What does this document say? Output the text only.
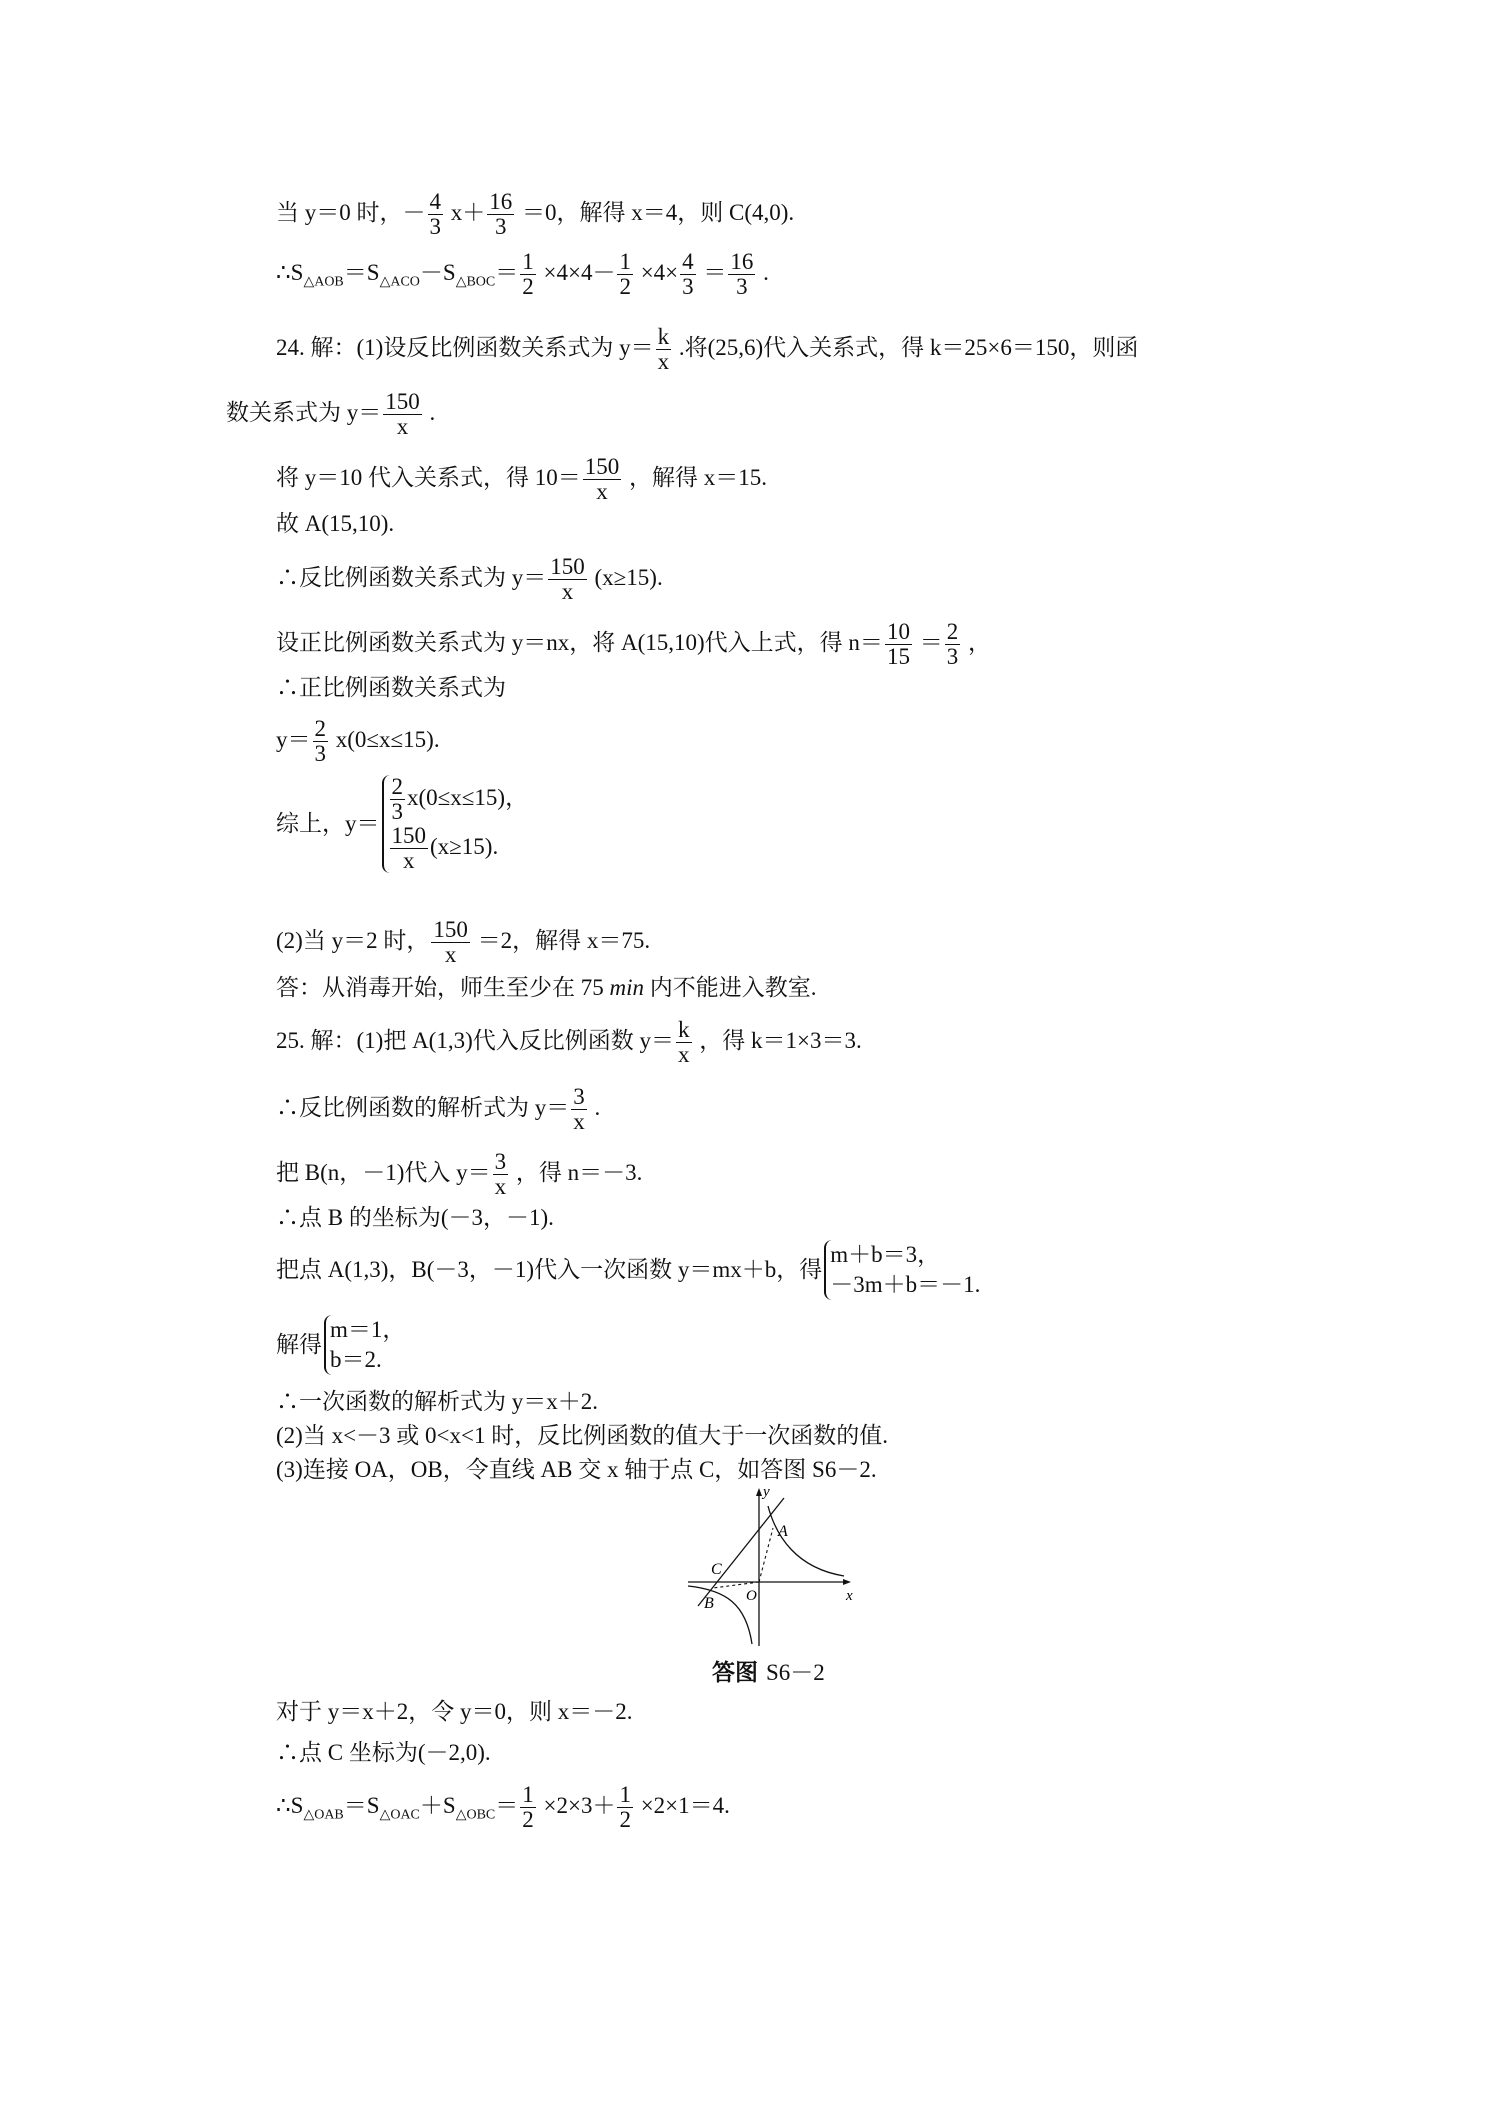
当 y＝0 时，－ $\frac{4}{3} x+ \frac{16}{3} =0$，解得 x＝4，则 C(4,0).
$\therefore S_{\triangle AOB}=S_{\triangle ACO}-S_{\triangle BOC}= \frac{1}{2} \times 4\times 4- \frac{1}{2} \times 4\times \frac{4}{3} = \frac{16}{3}$ .
24. 解：(1)设反比例函数关系式为 $y= \frac{k}{x}$ .将(25,6)代入关系式，得 k＝25×6＝150，则函
数关系式为 $y= \frac{150}{x}$ .
将 y＝10 代入关系式，得 $10= \frac{150}{x}$ ，解得 x＝15.
故 A(15,10).
∴反比例函数关系式为 $y= \frac{150}{x} (x\ge 15)$.
设正比例函数关系式为 y＝nx，将 A(15,10)代入上式，得 $n= \frac{10}{15} = \frac{2}{3}$ ，
∴正比例函数关系式为
$y= \frac{2}{3} x(0\le x\le 15)$.
综上，$y= \frac{2}{3} x(0\le x\le 15)$，
$\frac{150}{x} (x\ge 15)$.
(2)当 y＝2 时， $\frac{150}{x} =2$，解得 x＝75.
答：从消毒开始，师生至少在 75 min 内不能进入教室.
25. 解：(1)把 A(1,3)代入反比例函数 $y= \frac{k}{x}$ ，得 k＝1×3＝3.
∴反比例函数的解析式为 $y= \frac{3}{x}$ .
把 B(n，－1)代入 $y= \frac{3}{x}$ ，得 n＝－3.
∴点 B 的坐标为(－3，－1).
把点 A(1,3)，B(－3，－1)代入一次函数 y＝mx＋b，得
m＋b＝3，
－3m＋b＝－1.
解得
m＝1，
b＝2.
∴一次函数的解析式为 y＝x＋2.
(2)当 x<－3 或 0<x<1 时，反比例函数的值大于一次函数的值.
(3)连接 OA，OB，令直线 AB 交 x 轴于点 C，如答图 S6－2.
y
x
A
B
C
O
答图 S6－2
对于 y＝x＋2，令 y＝0，则 x＝－2.
∴点 C 坐标为(－2,0).
$\therefore S_{\triangle OAB}=S_{\triangle OAC}+S_{\triangle OBC}= \frac{1}{2} \times 2\times 3+ \frac{1}{2} \times 2\times 1=4$.
